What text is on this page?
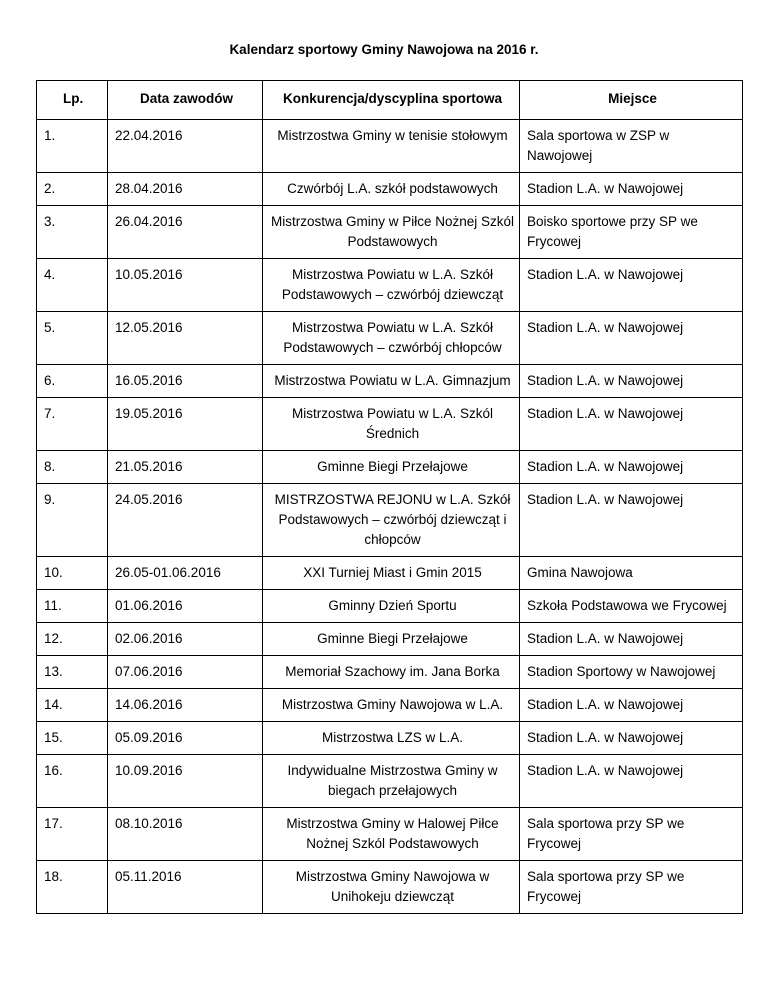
Kalendarz sportowy Gminy Nawojowa na 2016 r.
Lp.	Data zawodów	Konkurencja/dyscyplina sportowa	Miejsce
1.	22.04.2016	Mistrzostwa Gminy w tenisie stołowym	Sala sportowa w ZSP w Nawojowej
2.	28.04.2016	Czwórbój L.A. szkół podstawowych	Stadion L.A. w Nawojowej
3.	26.04.2016	Mistrzostwa Gminy w Piłce Nożnej Szkól Podstawowych	Boisko sportowe przy SP we Frycowej
4.	10.05.2016	Mistrzostwa Powiatu w L.A. Szkół Podstawowych – czwórbój dziewcząt	Stadion L.A. w Nawojowej
5.	12.05.2016	Mistrzostwa Powiatu w L.A. Szkół Podstawowych – czwórbój chłopców	Stadion L.A. w Nawojowej
6.	16.05.2016	Mistrzostwa Powiatu w L.A. Gimnazjum	Stadion L.A. w Nawojowej
7.	19.05.2016	Mistrzostwa Powiatu w L.A. Szkól Średnich	Stadion L.A. w Nawojowej
8.	21.05.2016	Gminne Biegi Przełajowe	Stadion L.A. w Nawojowej
9.	24.05.2016	MISTRZOSTWA REJONU w L.A. Szkół Podstawowych – czwórbój dziewcząt i chłopców	Stadion L.A. w Nawojowej
10.	26.05-01.06.2016	XXI Turniej Miast i Gmin 2015	Gmina Nawojowa
11.	01.06.2016	Gminny Dzień Sportu	Szkoła Podstawowa we Frycowej
12.	02.06.2016	Gminne Biegi Przełajowe	Stadion L.A. w Nawojowej
13.	07.06.2016	Memoriał Szachowy im. Jana Borka	Stadion Sportowy w Nawojowej
14.	14.06.2016	Mistrzostwa Gminy Nawojowa w L.A.	Stadion L.A. w Nawojowej
15.	05.09.2016	Mistrzostwa LZS w L.A.	Stadion L.A. w Nawojowej
16.	10.09.2016	Indywidualne Mistrzostwa Gminy w biegach przełajowych	Stadion L.A. w Nawojowej
17.	08.10.2016	Mistrzostwa Gminy w Halowej Piłce Nożnej Szkól Podstawowych	Sala sportowa przy SP we Frycowej
18.	05.11.2016	Mistrzostwa Gminy Nawojowa w Unihokeju dziewcząt	Sala sportowa przy SP we Frycowej
